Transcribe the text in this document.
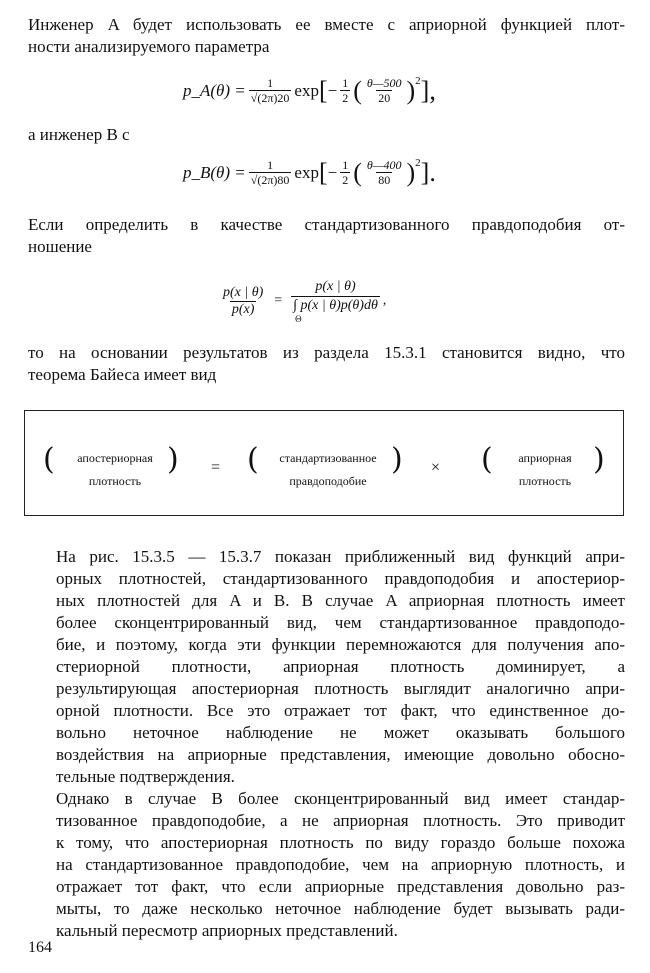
Инженер A будет использовать ее вместе с априорной функцией плот-
ности анализируемого параметра
p_A(θ) = $\frac{1}{√(2\pi)20}$ exp [ − $\frac{1}{2}$ ( $\frac{\theta—500}{20}$ ) 2 ],
а инженер B с
p_B(θ) = $\frac{1}{√(2\pi)80}$ exp [ − $\frac{1}{2}$ ( $\frac{\theta—400}{80}$ ) 2 ].
Если определить в качестве стандартизованного правдоподобия от-
ношение
$\frac{p(x | \theta)}{p(x)}$ =
p(x | θ)
∫ p(x | θ)p(θ)dθ
Θ
,
то на основании результатов из раздела 15.3.1 становится видно, что
теорема Байеса имеет вид
(	апостериорная
плотность
) = (	стандартизованное
правдоподобие
) × (	априорная
плотность
)
На рис. 15.3.5 — 15.3.7 показан приближенный вид функций апри-
орных плотностей, стандартизованного правдоподобия и апостериор-
ных плотностей для A и B. В случае A априорная плотность имеет
более сконцентрированный вид, чем стандартизованное правдоподо-
бие, и поэтому, когда эти функции перемножаются для получения апо-
стериорной плотности, априорная плотность доминирует, а
результирующая апостериорная плотность выглядит аналогично апри-
орной плотности. Все это отражает тот факт, что единственное до-
вольно неточное наблюдение не может оказывать большого
воздействия на априорные представления, имеющие довольно обосно-
тельные подтверждения.
Однако в случае B более сконцентрированный вид имеет стандар-
тизованное правдоподобие, а не априорная плотность. Это приводит
к тому, что апостериорная плотность по виду гораздо больше похожа
на стандартизованное правдоподобие, чем на априорную плотность, и
отражает тот факт, что если априорные представления довольно раз-
мыты, то даже несколько неточное наблюдение будет вызывать ради-
кальный пересмотр априорных представлений.
164
